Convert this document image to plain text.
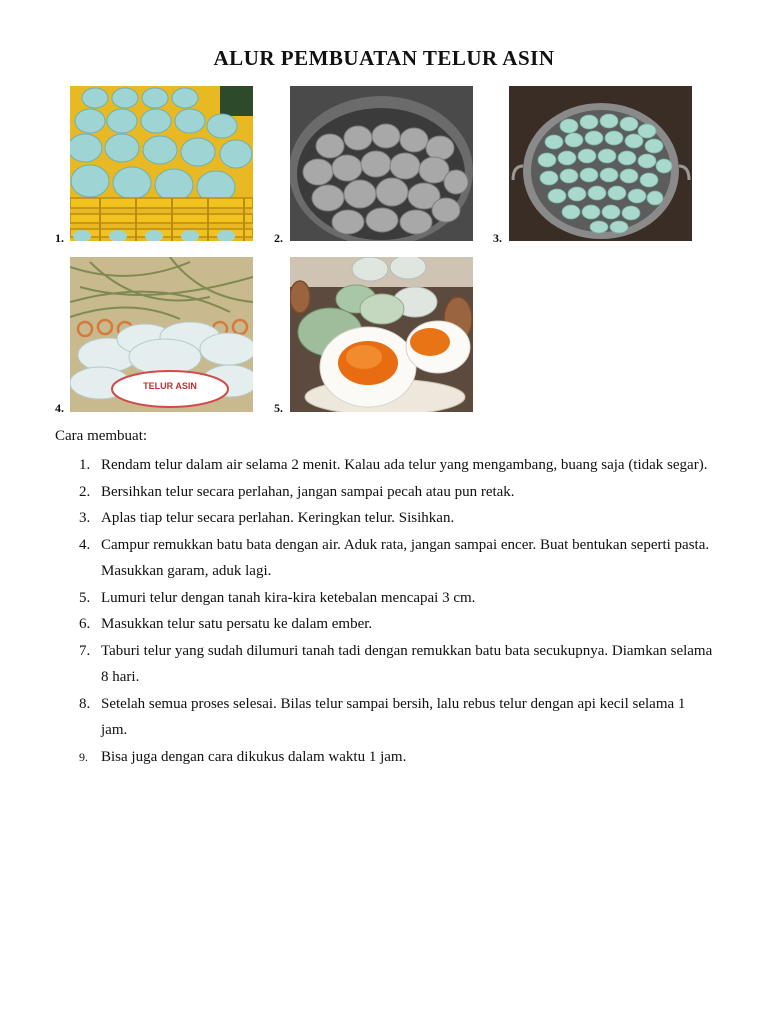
ALUR PEMBUATAN TELUR ASIN
1.	2.	3.
4.
TELUR ASIN
5.
Cara membuat:
1. Rendam telur dalam air selama 2 menit. Kalau ada telur yang mengambang, buang saja (tidak segar).
2. Bersihkan telur secara perlahan, jangan sampai pecah atau pun retak.
3. Aplas tiap telur secara perlahan. Keringkan telur. Sisihkan.
4. Campur remukkan batu bata dengan air. Aduk rata, jangan sampai encer. Buat bentukan seperti pasta. Masukkan garam, aduk lagi.
5. Lumuri telur dengan tanah kira-kira ketebalan mencapai 3 cm.
6. Masukkan telur satu persatu ke dalam ember.
7. Taburi telur yang sudah dilumuri tanah tadi dengan remukkan batu bata secukupnya. Diamkan selama 8 hari.
8. Setelah semua proses selesai. Bilas telur sampai bersih, lalu rebus telur dengan api kecil selama 1 jam.
9. Bisa juga dengan cara dikukus dalam waktu 1 jam.
